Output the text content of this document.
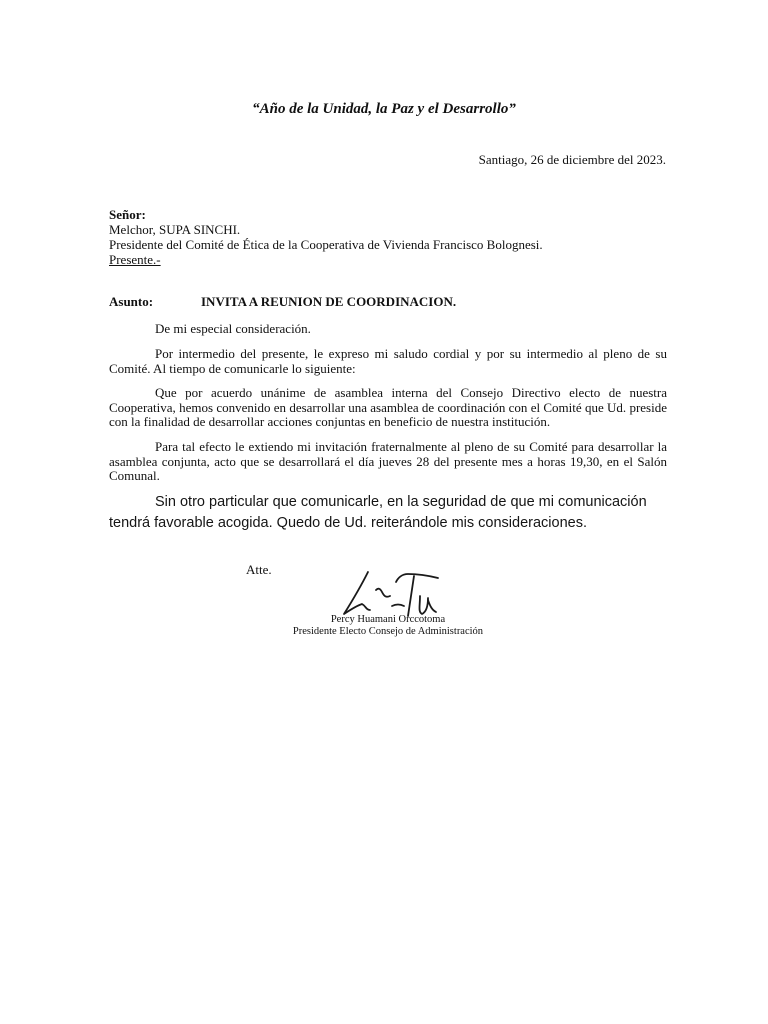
“Año de la Unidad, la Paz y el Desarrollo”
Santiago, 26 de diciembre del 2023.
Señor:
Melchor, SUPA SINCHI.
Presidente del Comité de Ética de la Cooperativa de Vivienda Francisco Bolognesi.
Presente.-
Asunto:	INVITA A REUNION DE COORDINACION.

De mi especial consideración.

Por intermedio del presente, le expreso mi saludo cordial y por su intermedio al pleno de su Comité. Al tiempo de comunicarle lo siguiente:

Que por acuerdo unánime de asamblea interna del Consejo Directivo electo de nuestra Cooperativa, hemos convenido en desarrollar una asamblea de coordinación con el Comité que Ud. preside con la finalidad de desarrollar acciones conjuntas en beneficio de nuestra institución.

Para tal efecto le extiendo mi invitación fraternalmente al pleno de su Comité para desarrollar la asamblea conjunta, acto que se desarrollará el día jueves 28 del presente mes a horas 19,30, en el Salón Comunal.

Sin otro particular que comunicarle, en la seguridad de que mi comunicación tendrá favorable acogida. Quedo de Ud. reiterándole mis consideraciones.

Atte.
Percy Huamani Orccotoma
Presidente Electo Consejo de Administración
